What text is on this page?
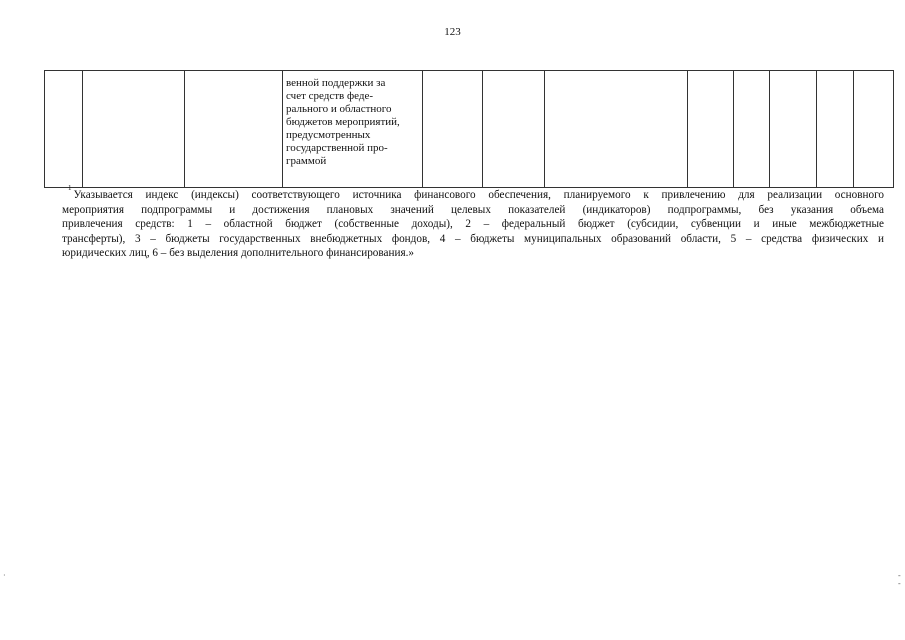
123

венной поддержки за
счет средств феде-
рального и областного
бюджетов мероприятий,
предусмотренных
государственной про-
граммой

$^1$Указывается индекс (индексы) соответствующего источника финансового обеспечения, планируемого к привлечению для реализации основного
мероприятия подпрограммы и достижения плановых значений целевых показателей (индикаторов) подпрограммы, без указания объема
привлечения средств: 1 – областной бюджет (собственные доходы), 2 – федеральный бюджет (субсидии, субвенции и иные межбюджетные
трансферты), 3 – бюджеты государственных внебюджетных фондов, 4 – бюджеты муниципальных образований области, 5 – средства физических и
юридических лиц, 6 – без выделения дополнительного финансирования.»
·	‐
‐
